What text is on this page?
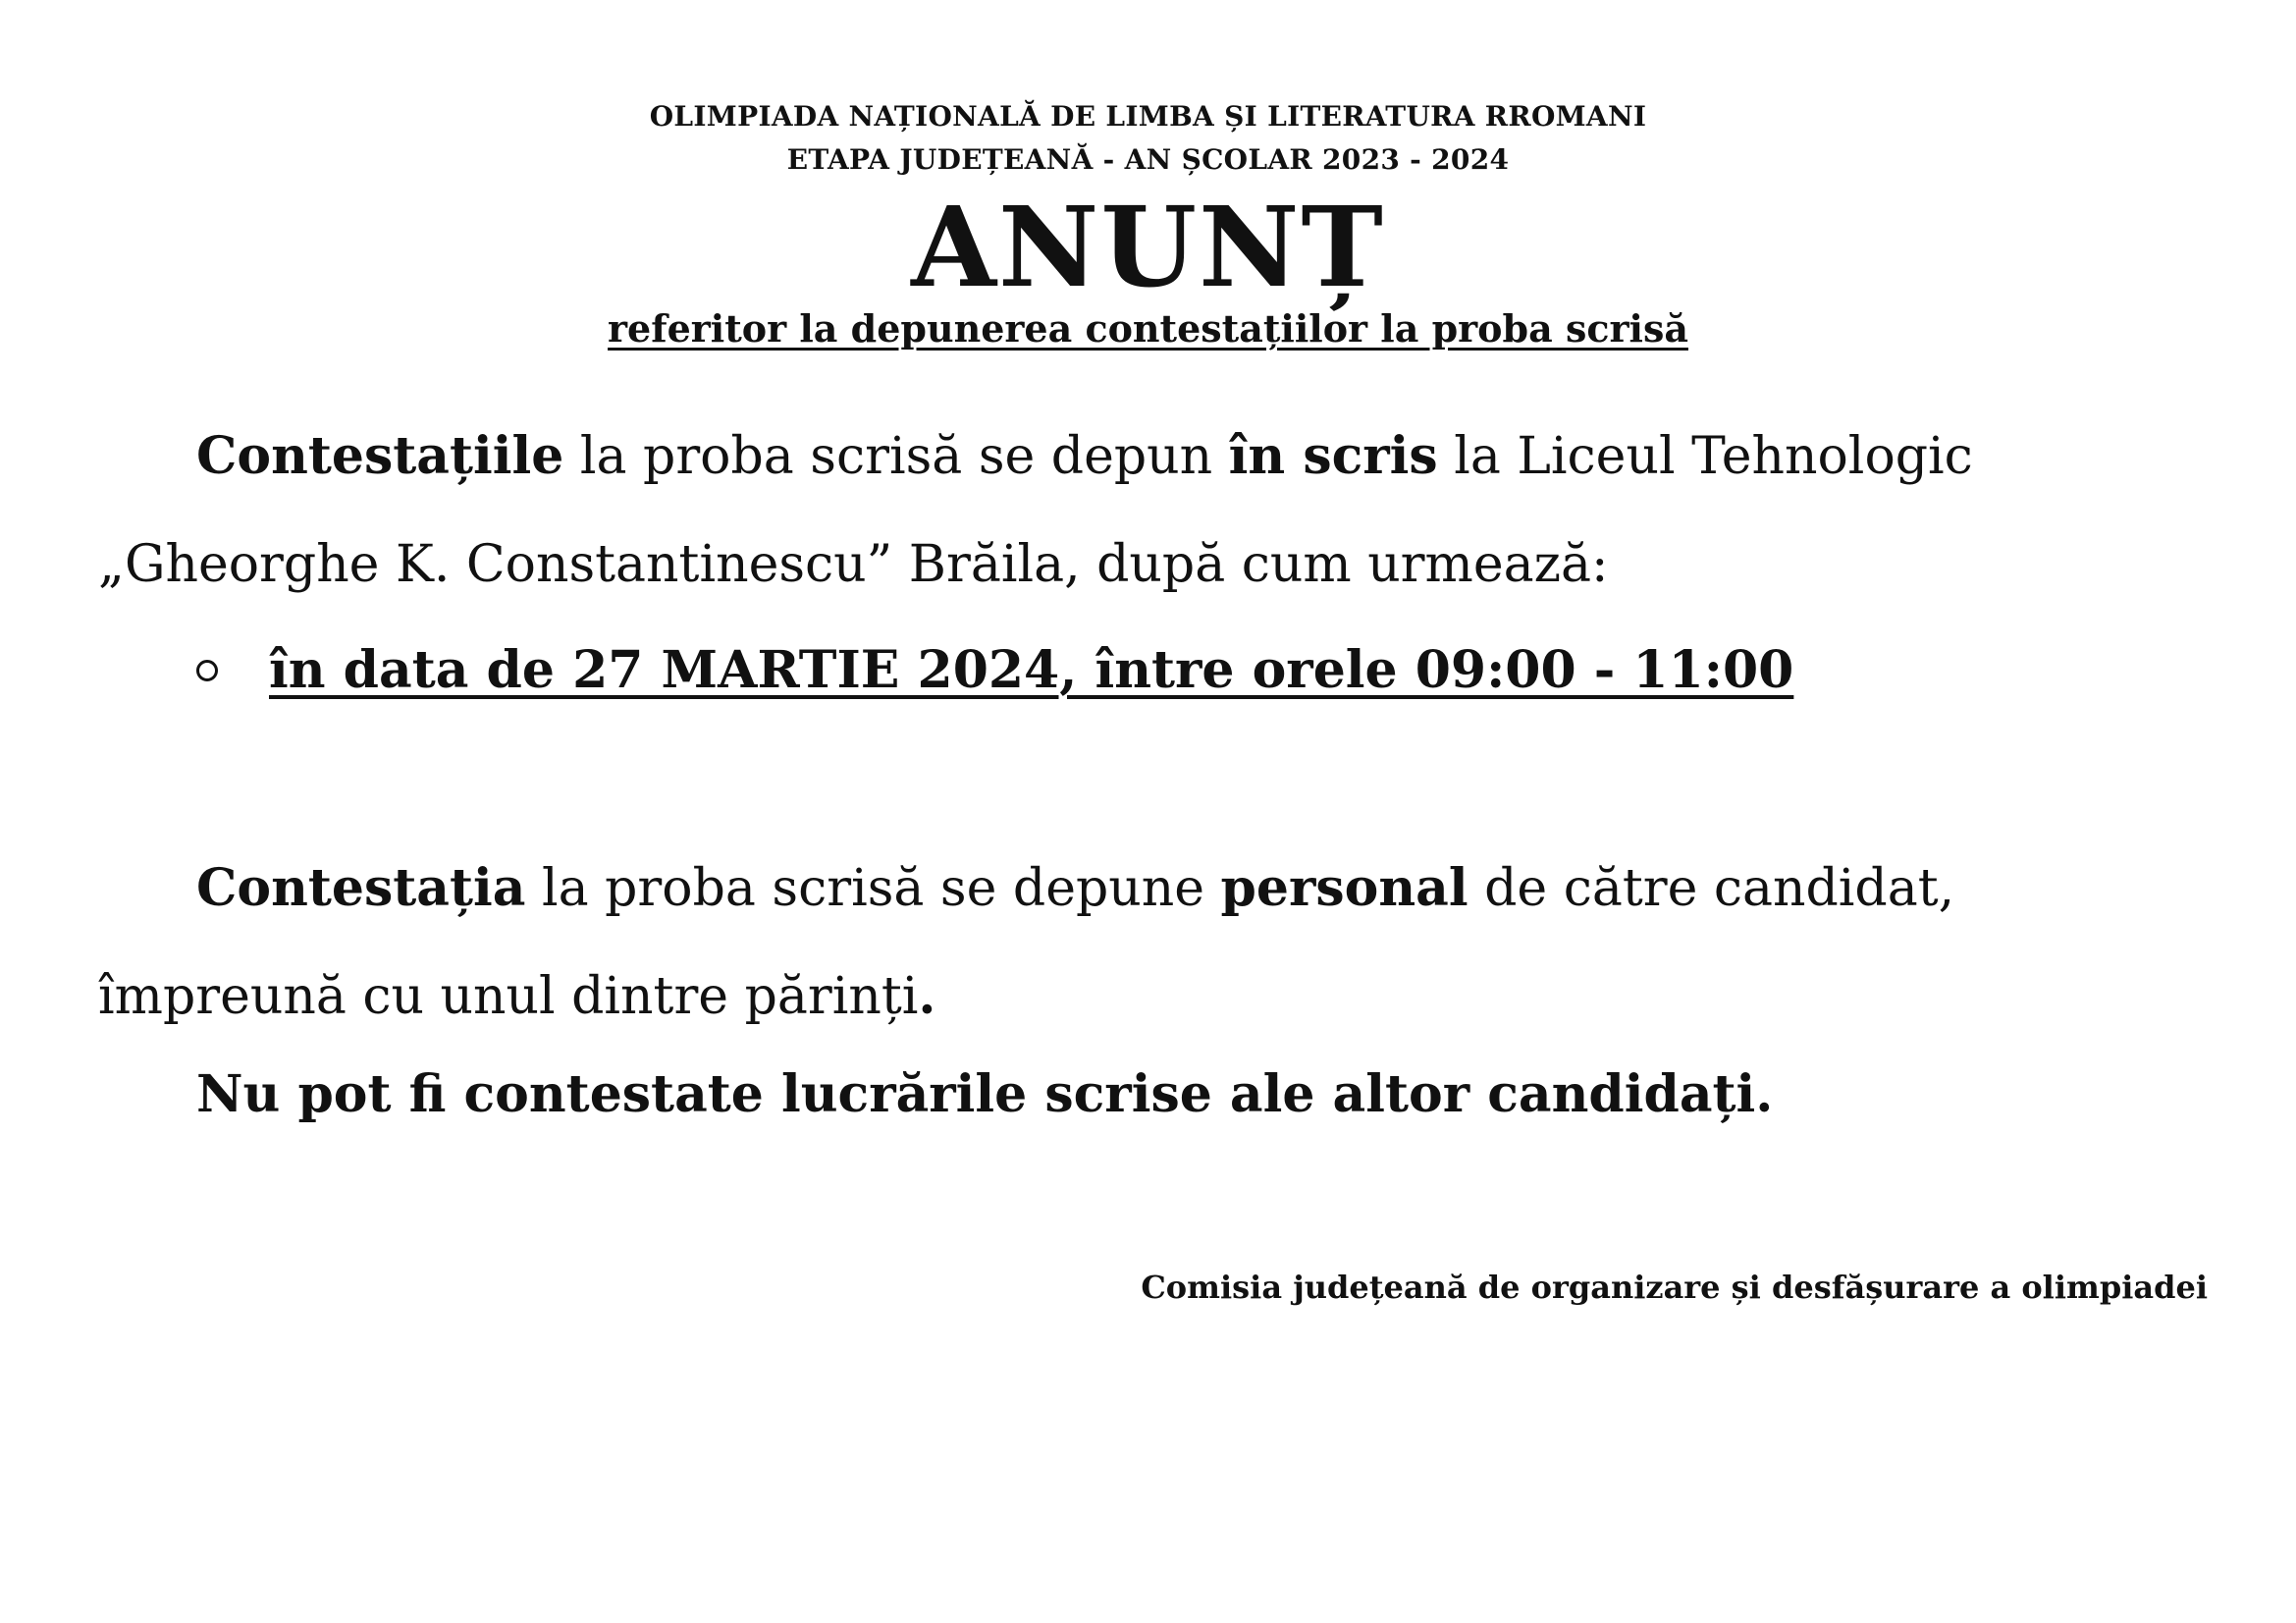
OLIMPIADA NAȚIONALĂ DE LIMBA ȘI LITERATURA RROMANI
ETAPA JUDEȚEANĂ - AN ȘCOLAR 2023 - 2024
ANUNȚ
referitor la depunerea contestațiilor la proba scrisă
Contestațiile la proba scrisă se depun în scris la Liceul Tehnologic „Gheorghe K. Constantinescu” Brăila, după cum urmează:
în data de 27 MARTIE 2024, între orele 09:00 - 11:00
Contestația la proba scrisă se depune personal de către candidat, împreună cu unul dintre părinți.
Nu pot fi contestate lucrările scrise ale altor candidați.
Comisia județeană de organizare și desfășurare a olimpiadei
